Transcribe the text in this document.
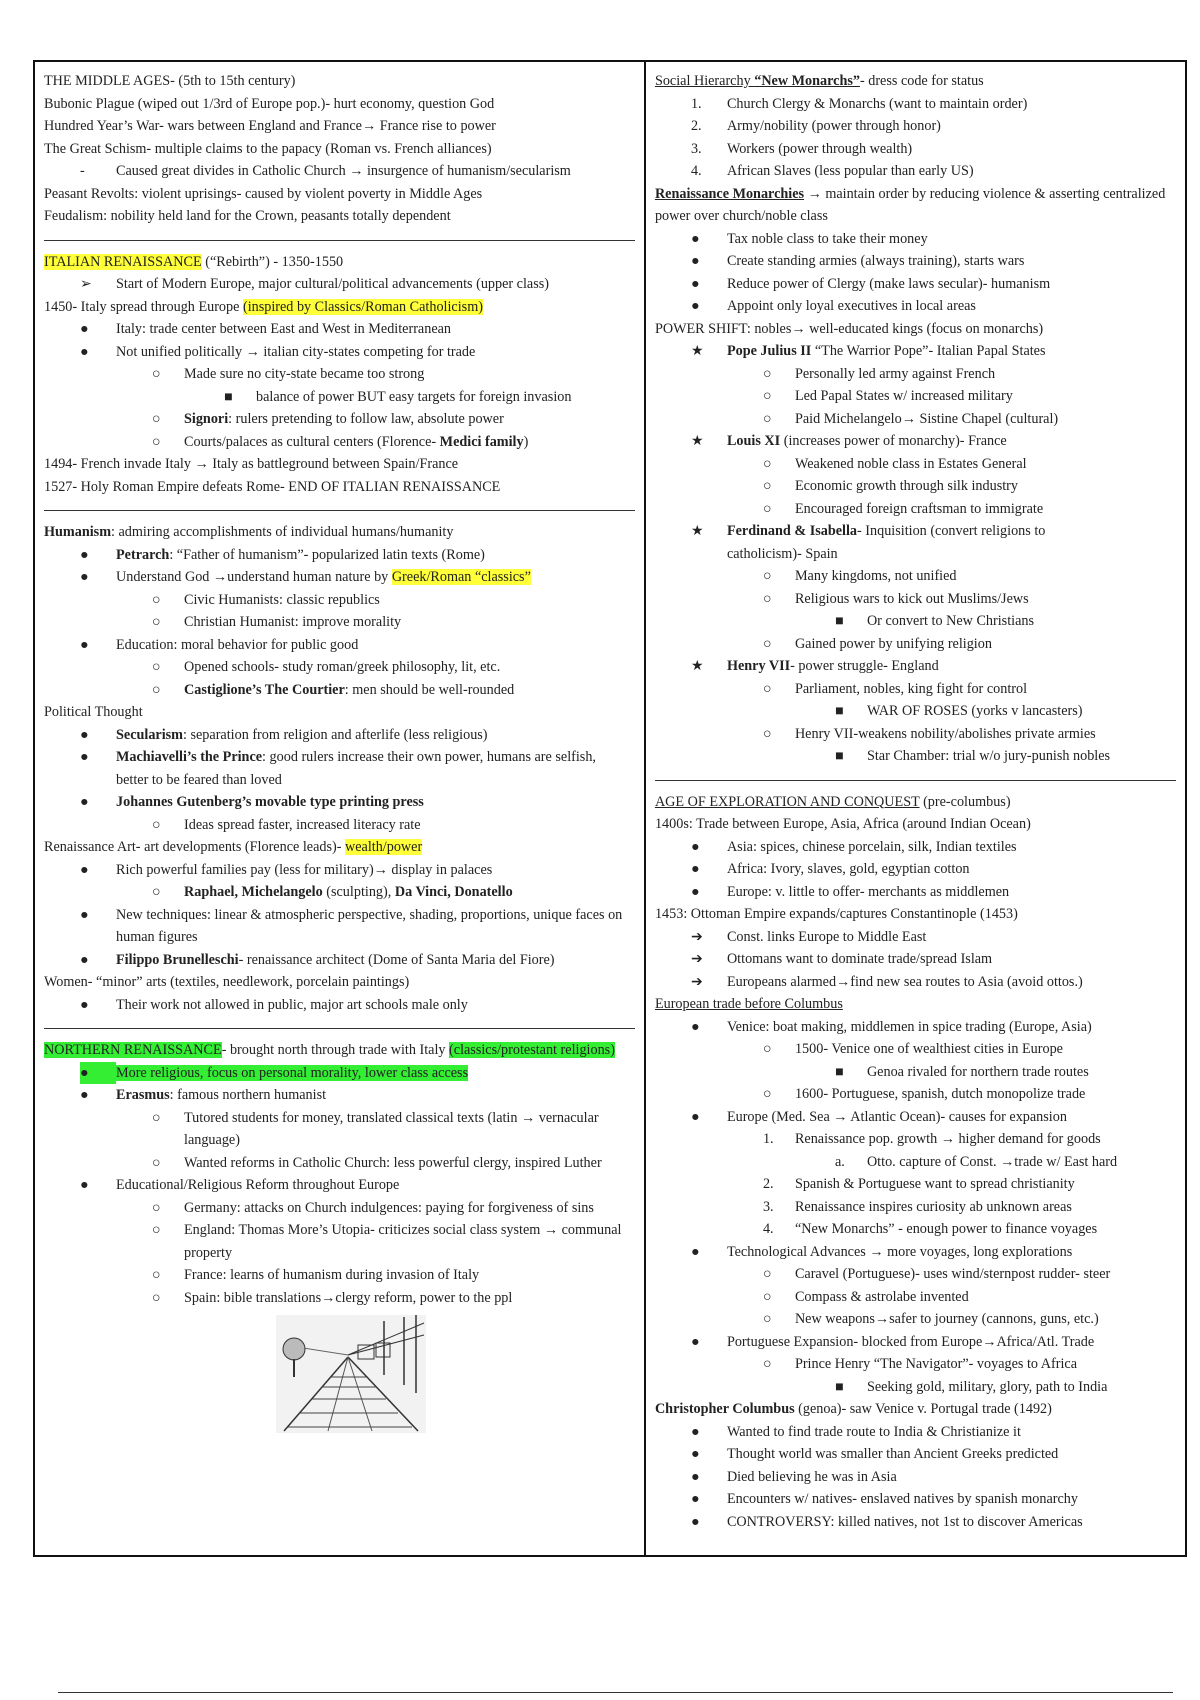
THE MIDDLE AGES- (5th to 15th century)
Bubonic Plague (wiped out 1/3rd of Europe pop.)- hurt economy, question God
Hundred Year’s War- wars between England and France→ France rise to power
The Great Schism- multiple claims to the papacy (Roman vs. French alliances)
-	Caused great divides in Catholic Church → insurgence of humanism/secularism
Peasant Revolts: violent uprisings- caused by violent poverty in Middle Ages
Feudalism: nobility held land for the Crown, peasants totally dependent
ITALIAN RENAISSANCE (“Rebirth”) - 1350-1550
➢	Start of Modern Europe, major cultural/political advancements (upper class)
1450- Italy spread through Europe (inspired by Classics/Roman Catholicism)
●	Italy: trade center between East and West in Mediterranean
●	Not unified politically → italian city-states competing for trade
○	Made sure no city-state became too strong
■	balance of power BUT easy targets for foreign invasion
○	Signori: rulers pretending to follow law, absolute power
○	Courts/palaces as cultural centers (Florence- Medici family)
1494- French invade Italy → Italy as battleground between Spain/France
1527- Holy Roman Empire defeats Rome- END OF ITALIAN RENAISSANCE
Humanism: admiring accomplishments of individual humans/humanity
●	Petrarch: “Father of humanism”- popularized latin texts (Rome)
●	Understand God →understand human nature by Greek/Roman “classics”
○	Civic Humanists: classic republics
○	Christian Humanist: improve morality
●	Education: moral behavior for public good
○	Opened schools- study roman/greek philosophy, lit, etc.
○	Castiglione’s The Courtier: men should be well-rounded
Political Thought
●	Secularism: separation from religion and afterlife (less religious)
●	Machiavelli’s the Prince: good rulers increase their own power, humans are selfish, better to be feared than loved
●	Johannes Gutenberg’s movable type printing press
○	Ideas spread faster, increased literacy rate
Renaissance Art- art developments (Florence leads)- wealth/power
●	Rich powerful families pay (less for military)→ display in palaces
○	Raphael, Michelangelo (sculpting), Da Vinci, Donatello
●	New techniques: linear & atmospheric perspective, shading, proportions, unique faces on human figures
●	Filippo Brunelleschi- renaissance architect (Dome of Santa Maria del Fiore)
Women- “minor” arts (textiles, needlework, porcelain paintings)
●	Their work not allowed in public, major art schools male only
NORTHERN RENAISSANCE- brought north through trade with Italy (classics/protestant religions)
●	More religious, focus on personal morality, lower class access
●	Erasmus: famous northern humanist
○	Tutored students for money, translated classical texts (latin → vernacular language)
○	Wanted reforms in Catholic Church: less powerful clergy, inspired Luther
●	Educational/Religious Reform throughout Europe
○	Germany: attacks on Church indulgences: paying for forgiveness of sins
○	England: Thomas More’s Utopia- criticizes social class system → communal property
○	France: learns of humanism during invasion of Italy
○	Spain: bible translations→clergy reform, power to the ppl
Social Hierarchy “New Monarchs”- dress code for status
1.	Church Clergy & Monarchs (want to maintain order)
2.	Army/nobility (power through honor)
3.	Workers (power through wealth)
4.	African Slaves (less popular than early US)
Renaissance Monarchies → maintain order by reducing violence & asserting centralized power over church/noble class
●	Tax noble class to take their money
●	Create standing armies (always training), starts wars
●	Reduce power of Clergy (make laws secular)- humanism
●	Appoint only loyal executives in local areas
POWER SHIFT: nobles→ well-educated kings (focus on monarchs)
★	Pope Julius II “The Warrior Pope”- Italian Papal States
○	Personally led army against French
○	Led Papal States w/ increased military
○	Paid Michelangelo→ Sistine Chapel (cultural)
★	Louis XI (increases power of monarchy)- France
○	Weakened noble class in Estates General
○	Economic growth through silk industry
○	Encouraged foreign craftsman to immigrate
★	Ferdinand & Isabella- Inquisition (convert religions to catholicism)- Spain
○	Many kingdoms, not unified
○	Religious wars to kick out Muslims/Jews
■	Or convert to New Christians
○	Gained power by unifying religion
★	Henry VII- power struggle- England
○	Parliament, nobles, king fight for control
■	WAR OF ROSES (yorks v lancasters)
○	Henry VII-weakens nobility/abolishes private armies
■	Star Chamber: trial w/o jury-punish nobles
AGE OF EXPLORATION AND CONQUEST (pre-columbus)
1400s: Trade between Europe, Asia, Africa (around Indian Ocean)
●	Asia: spices, chinese porcelain, silk, Indian textiles
●	Africa: Ivory, slaves, gold, egyptian cotton
●	Europe: v. little to offer- merchants as middlemen
1453: Ottoman Empire expands/captures Constantinople (1453)
➔	Const. links Europe to Middle East
➔	Ottomans want to dominate trade/spread Islam
➔	Europeans alarmed→find new sea routes to Asia (avoid ottos.)
European trade before Columbus
●	Venice: boat making, middlemen in spice trading (Europe, Asia)
○	1500- Venice one of wealthiest cities in Europe
■	Genoa rivaled for northern trade routes
○	1600- Portuguese, spanish, dutch monopolize trade
●	Europe (Med. Sea → Atlantic Ocean)- causes for expansion
1.	Renaissance pop. growth → higher demand for goods
a.	Otto. capture of Const. →trade w/ East hard
2.	Spanish & Portuguese want to spread christianity
3.	Renaissance inspires curiosity ab unknown areas
4.	“New Monarchs” - enough power to finance voyages
●	Technological Advances → more voyages, long explorations
○	Caravel (Portuguese)- uses wind/sternpost rudder- steer
○	Compass & astrolabe invented
○	New weapons→safer to journey (cannons, guns, etc.)
●	Portuguese Expansion- blocked from Europe→Africa/Atl. Trade
○	Prince Henry “The Navigator”- voyages to Africa
■	Seeking gold, military, glory, path to India
Christopher Columbus (genoa)- saw Venice v. Portugal trade (1492)
●	Wanted to find trade route to India & Christianize it
●	Thought world was smaller than Ancient Greeks predicted
●	Died believing he was in Asia
●	Encounters w/ natives- enslaved natives by spanish monarchy
●	CONTROVERSY: killed natives, not 1st to discover Americas
